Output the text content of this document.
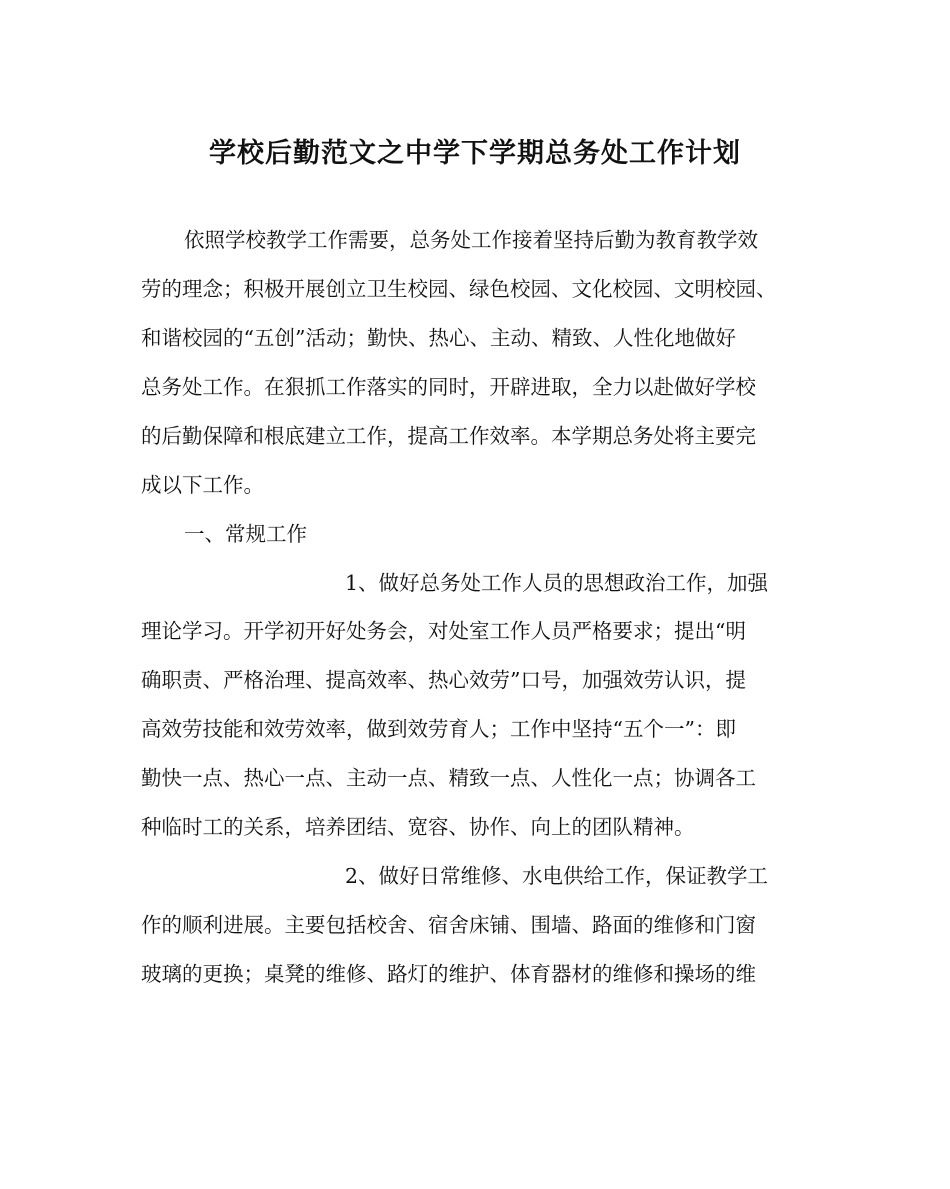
学校后勤范文之中学下学期总务处工作计划
依照学校教学工作需要，总务处工作接着坚持后勤为教育教学效
劳的理念；积极开展创立卫生校园、绿色校园、文化校园、文明校园、
和谐校园的“五创”活动；勤快、热心、主动、精致、人性化地做好
总务处工作。在狠抓工作落实的同时，开辟进取，全力以赴做好学校
的后勤保障和根底建立工作，提高工作效率。本学期总务处将主要完
成以下工作。
一、常规工作
1、做好总务处工作人员的思想政治工作，加强
理论学习。开学初开好处务会，对处室工作人员严格要求；提出“明
确职责、严格治理、提高效率、热心效劳”口号，加强效劳认识，提
高效劳技能和效劳效率，做到效劳育人；工作中坚持“五个一”：即
勤快一点、热心一点、主动一点、精致一点、人性化一点；协调各工
种临时工的关系，培养团结、宽容、协作、向上的团队精神。
2、做好日常维修、水电供给工作，保证教学工
作的顺利进展。主要包括校舍、宿舍床铺、围墙、路面的维修和门窗
玻璃的更换；桌凳的维修、路灯的维护、体育器材的维修和操场的维
